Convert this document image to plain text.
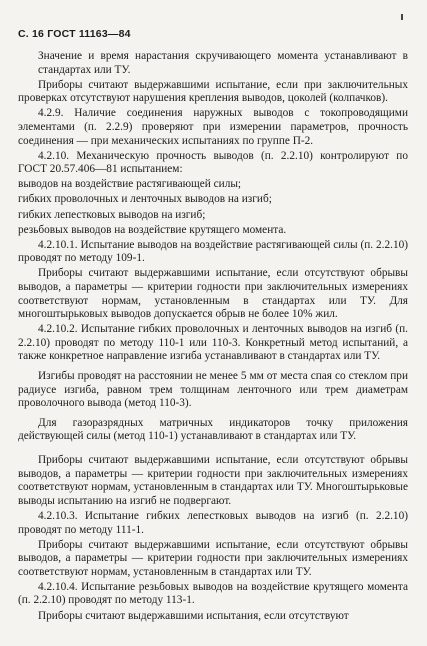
С. 16 ГОСТ 11163—84

Значение и время нарастания скручивающего момента устанавливают в стандартах или ТУ.

Приборы считают выдержавшими испытание, если при заключительных проверках отсутствуют нарушения крепления выводов, цоколей (колпачков).

4.2.9. Наличие соединения наружных выводов с токопроводящими элементами (п. 2.2.9) проверяют при измерении параметров, прочность соединения — при механических испытаниях по группе П-2.

4.2.10. Механическую прочность выводов (п. 2.2.10) контролируют по ГОСТ 20.57.406—81 испытанием:

выводов на воздействие растягивающей силы;

гибких проволочных и ленточных выводов на изгиб;

гибких лепестковых выводов на изгиб;

резьбовых выводов на воздействие крутящего момента.

4.2.10.1. Испытание выводов на воздействие растягивающей силы (п. 2.2.10) проводят по методу 109-1.

Приборы считают выдержавшими испытание, если отсутствуют обрывы выводов, а параметры — критерии годности при заключительных измерениях соответствуют нормам, установленным в стандартах или ТУ. Для многоштырьковых выводов допускается обрыв не более 10% жил.

4.2.10.2. Испытание гибких проволочных и ленточных выводов на изгиб (п. 2.2.10) проводят по методу 110-1 или 110-3. Конкретный метод испытаний, а также конкретное направление изгиба устанавливают в стандартах или ТУ.

Изгибы проводят на расстоянии не менее 5 мм от места спая со стеклом при радиусе изгиба, равном трем толщинам ленточного или трем диаметрам проволочного вывода (метод 110-3).

Для газоразрядных матричных индикаторов точку приложения действующей силы (метод 110-1) устанавливают в стандартах или ТУ.

Приборы считают выдержавшими испытание, если отсутствуют обрывы выводов, а параметры — критерии годности при заключительных измерениях соответствуют нормам, установленным в стандартах или ТУ. Многоштырьковые выводы испытанию на изгиб не подвергают.

4.2.10.3. Испытание гибких лепестковых выводов на изгиб (п. 2.2.10) проводят по методу 111-1.

Приборы считают выдержавшими испытание, если отсутствуют обрывы выводов, а параметры — критерии годности при заключительных измерениях соответствуют нормам, установленным в стандартах или ТУ.

4.2.10.4. Испытание резьбовых выводов на воздействие крутящего момента (п. 2.2.10) проводят по методу 113-1.

Приборы считают выдержавшими испытания, если отсутствуют
